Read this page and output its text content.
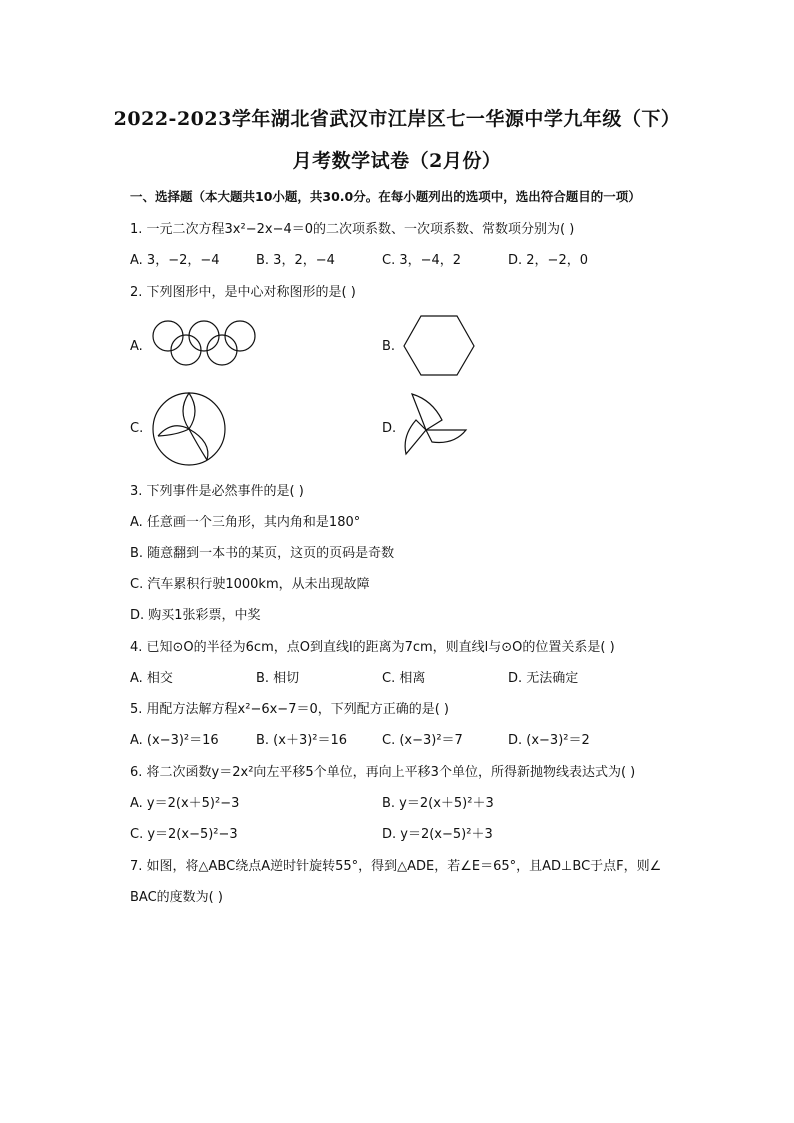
2022-2023学年湖北省武汉市江岸区七一华源中学九年级（下）
月考数学试卷（2月份）
一、选择题（本大题共10小题，共30.0分。在每小题列出的选项中，选出符合题目的一项）
1. 一元二次方程3x²−2x−4＝0的二次项系数、一次项系数、常数项分别为( )
A. 3，−2，−4	B. 3，2，−4	C. 3，−4，2	D. 2，−2，0
2. 下列图形中，是中心对称图形的是( )
A.	B.
C.	D.
3. 下列事件是必然事件的是( )
A. 任意画一个三角形，其内角和是180°
B. 随意翻到一本书的某页，这页的页码是奇数
C. 汽车累积行驶1000km，从未出现故障
D. 购买1张彩票，中奖
4. 已知⊙O的半径为6cm，点O到直线l的距离为7cm，则直线l与⊙O的位置关系是( )
A. 相交	B. 相切	C. 相离	D. 无法确定
5. 用配方法解方程x²−6x−7＝0，下列配方正确的是( )
A. (x−3)²＝16	B. (x＋3)²＝16	C. (x−3)²＝7	D. (x−3)²＝2
6. 将二次函数y＝2x²向左平移5个单位，再向上平移3个单位，所得新抛物线表达式为( )
A. y＝2(x＋5)²−3	B. y＝2(x＋5)²＋3
C. y＝2(x−5)²−3	D. y＝2(x−5)²＋3
7. 如图，将△ABC绕点A逆时针旋转55°，得到△ADE，若∠E＝65°，且AD⊥BC于点F，则∠
BAC的度数为( )
